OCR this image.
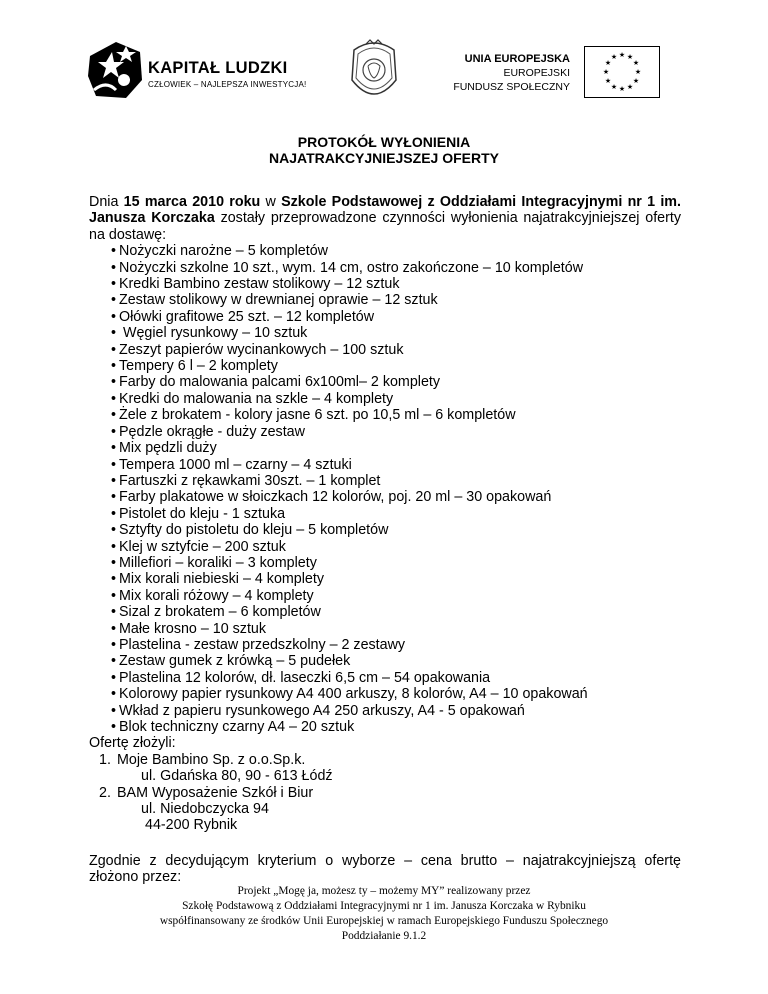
KAPITAŁ LUDZKI
CZŁOWIEK – NAJLEPSZA INWESTYCJA!
UNIA EUROPEJSKA
EUROPEJSKI
FUNDUSZ SPOŁECZNY
★ ★
★
★
★
★
★
★
★
★
★
★
PROTOKÓŁ WYŁONIENIA
NAJATRAKCYJNIEJSZEJ OFERTY

Dnia 15 marca 2010 roku w Szkole Podstawowej z Oddziałami Integracyjnymi nr 1 im. Janusza Korczaka zostały przeprowadzone czynności wyłonienia najatrakcyjniejszej oferty na dostawę:

• Nożyczki narożne – 5 kompletów
• Nożyczki szkolne 10 szt., wym. 14 cm, ostro zakończone – 10 kompletów
• Kredki Bambino zestaw stolikowy – 12 sztuk
• Zestaw stolikowy w drewnianej oprawie – 12 sztuk
• Ołówki grafitowe 25 szt. – 12 kompletów
•  Węgiel rysunkowy – 10 sztuk
• Zeszyt papierów wycinankowych – 100 sztuk
• Tempery 6 l – 2 komplety
• Farby do malowania palcami 6x100ml– 2 komplety
• Kredki do malowania na szkle – 4 komplety
• Żele z brokatem - kolory jasne 6 szt. po 10,5 ml – 6 kompletów
• Pędzle okrągłe - duży zestaw
• Mix pędzli duży
• Tempera 1000 ml – czarny – 4 sztuki
• Fartuszki z rękawkami 30szt. – 1 komplet
• Farby plakatowe w słoiczkach 12 kolorów, poj. 20 ml – 30 opakowań
• Pistolet do kleju - 1 sztuka
• Sztyfty do pistoletu do kleju – 5 kompletów
• Klej w sztyfcie – 200 sztuk
• Millefiori – koraliki – 3 komplety
• Mix korali niebieski – 4 komplety
• Mix korali różowy – 4 komplety
• Sizal z brokatem – 6 kompletów
• Małe krosno – 10 sztuk
• Plastelina - zestaw przedszkolny – 2 zestawy
• Zestaw gumek z krówką – 5 pudełek
• Plastelina 12 kolorów, dł. laseczki 6,5 cm – 54 opakowania
• Kolorowy papier rysunkowy A4 400 arkuszy, 8 kolorów, A4 – 10 opakowań
• Wkład z papieru rysunkowego A4 250 arkuszy, A4 - 5 opakowań
• Blok techniczny czarny A4 – 20 sztuk

Ofertę złożyli:

1. Moje Bambino Sp. z o.o.Sp.k.
ul. Gdańska 80, 90 - 613 Łódź
2. BAM Wyposażenie Szkół i Biur
ul. Niedobczycka 94
44-200 Rybnik
Zgodnie z decydującym kryterium o wyborze – cena brutto – najatrakcyjniejszą ofertę złożono przez:
Projekt „Mogę ja, możesz ty – możemy MY” realizowany przez
Szkołę Podstawową z Oddziałami Integracyjnymi nr 1 im. Janusza Korczaka w Rybniku
współfinansowany ze środków Unii Europejskiej w ramach Europejskiego Funduszu Społecznego
Poddziałanie 9.1.2
